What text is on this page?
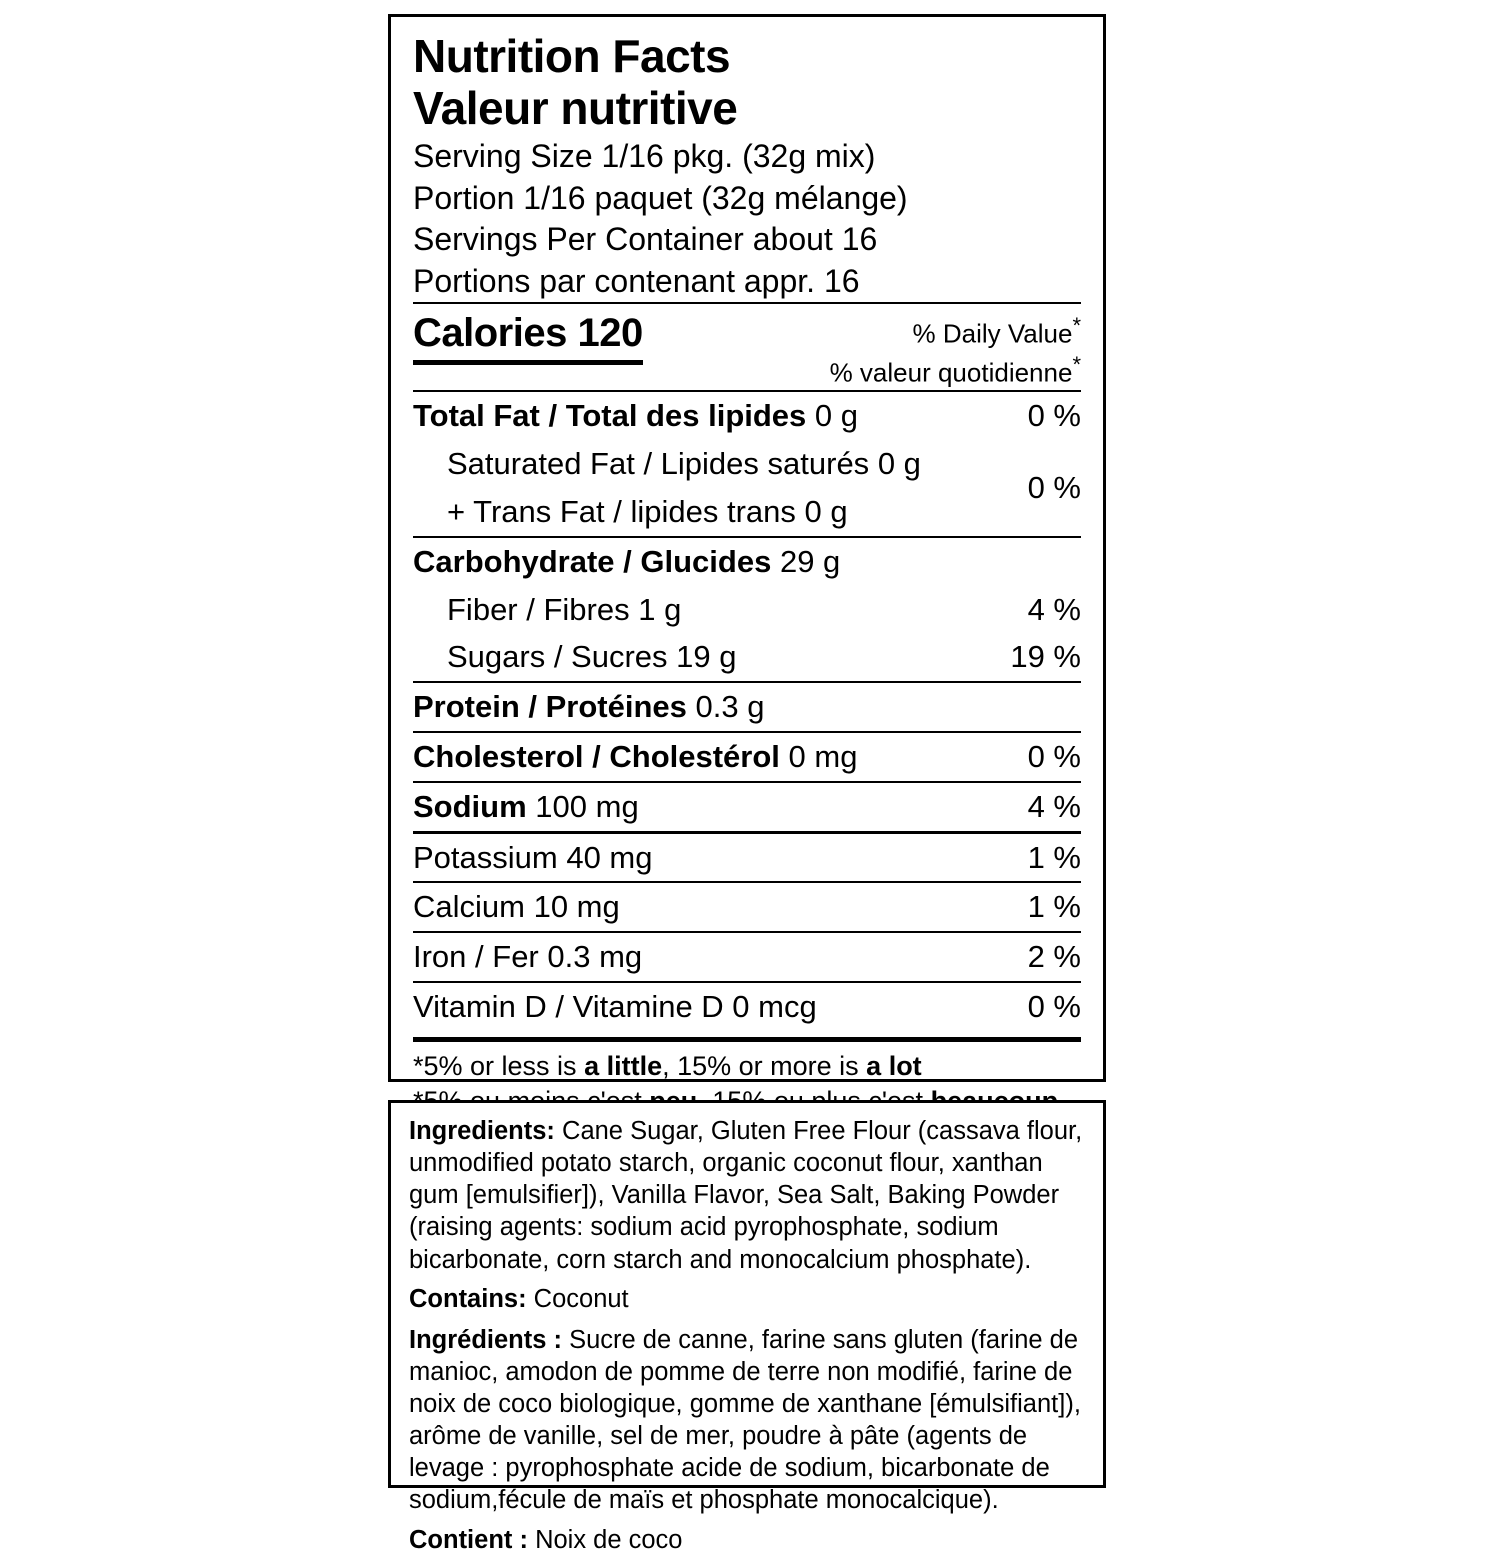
Nutrition Facts
Valeur nutritive
Serving Size 1/16 pkg. (32g mix)
Portion 1/16 paquet (32g mélange)
Servings Per Container about 16
Portions par contenant appr. 16
Calories 120	% Daily Value*
% valeur quotidienne*
Total Fat / Total des lipides 0 g	0 %
Saturated Fat / Lipides saturés 0 g	0 %
+ Trans Fat / lipides trans 0 g	
Carbohydrate / Glucides 29 g	
Fiber / Fibres 1 g	4 %
Sugars / Sucres 19 g	19 %
Protein / Protéines 0.3 g	
Cholesterol / Cholestérol 0 mg	0 %
Sodium 100 mg	4 %
Potassium 40 mg	1 %
Calcium 10 mg	1 %
Iron / Fer 0.3 mg	2 %
Vitamin D / Vitamine D 0 mcg	0 %
*5% or less is a little, 15% or more is a lot

Ingredients: Cane Sugar, Gluten Free Flour (cassava flour, unmodified potato starch, organic coconut flour, xanthan gum [emulsifier]), Vanilla Flavor, Sea Salt, Baking Powder (raising agents: sodium acid pyrophosphate, sodium bicarbonate, corn starch and monocalcium phosphate).

Contains: Coconut

Ingrédients : Sucre de canne, farine sans gluten (farine de manioc, amodon de pomme de terre non modifié, farine de noix de coco biologique, gomme de xanthane [émulsifiant]), arôme de vanille, sel de mer, poudre à pâte (agents de levage : pyrophosphate acide de sodium, bicarbonate de sodium,fécule de maïs et phosphate monocalcique).

Contient : Noix de coco
